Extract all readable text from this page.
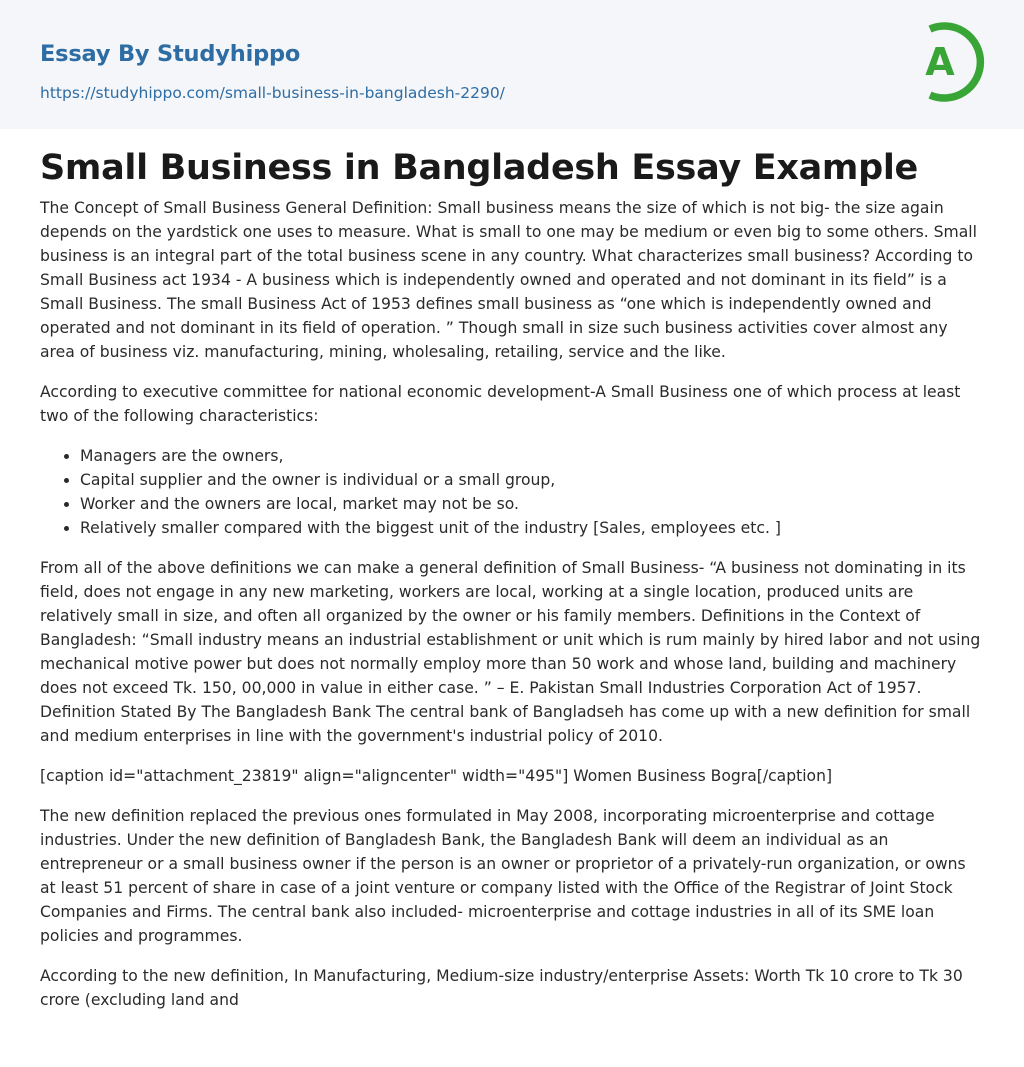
Essay By Studyhippo
https://studyhippo.com/small-business-in-bangladesh-2290/
A
Small Business in Bangladesh Essay Example

The Concept of Small Business General Definition: Small business means the size of which is not big- the size again depends on the yardstick one uses to measure. What is small to one may be medium or even big to some others. Small business is an integral part of the total business scene in any country. What characterizes small business? According to Small Business act 1934 - A business which is independently owned and operated and not dominant in its field” is a Small Business. The small Business Act of 1953 defines small business as “one which is independently owned and operated and not dominant in its field of operation. ” Though small in size such business activities cover almost any area of business viz. manufacturing, mining, wholesaling, retailing, service and the like.

According to executive committee for national economic development-A Small Business one of which process at least two of the following characteristics:

• Managers are the owners,
• Capital supplier and the owner is individual or a small group,
• Worker and the owners are local, market may not be so.
• Relatively smaller compared with the biggest unit of the industry [Sales, employees etc. ]

From all of the above definitions we can make a general definition of Small Business- “A business not dominating in its field, does not engage in any new marketing, workers are local, working at a single location, produced units are relatively small in size, and often all organized by the owner or his family members. Definitions in the Context of Bangladesh: “Small industry means an industrial establishment or unit which is rum mainly by hired labor and not using mechanical motive power but does not normally employ more than 50 work and whose land, building and machinery does not exceed Tk. 150, 00,000 in value in either case. ” – E. Pakistan Small Industries Corporation Act of 1957. Definition Stated By The Bangladesh Bank The central bank of Bangladseh has come up with a new definition for small and medium enterprises in line with the government's industrial policy of 2010.

[caption id="attachment_23819" align="aligncenter" width="495"] Women Business Bogra[/caption]

The new definition replaced the previous ones formulated in May 2008, incorporating microenterprise and cottage industries. Under the new definition of Bangladesh Bank, the Bangladesh Bank will deem an individual as an entrepreneur or a small business owner if the person is an owner or proprietor of a privately-run organization, or owns at least 51 percent of share in case of a joint venture or company listed with the Office of the Registrar of Joint Stock Companies and Firms. The central bank also included- microenterprise and cottage industries in all of its SME loan policies and programmes.

According to the new definition, In Manufacturing, Medium-size industry/enterprise Assets: Worth Tk 10 crore to Tk 30 crore (excluding land and
